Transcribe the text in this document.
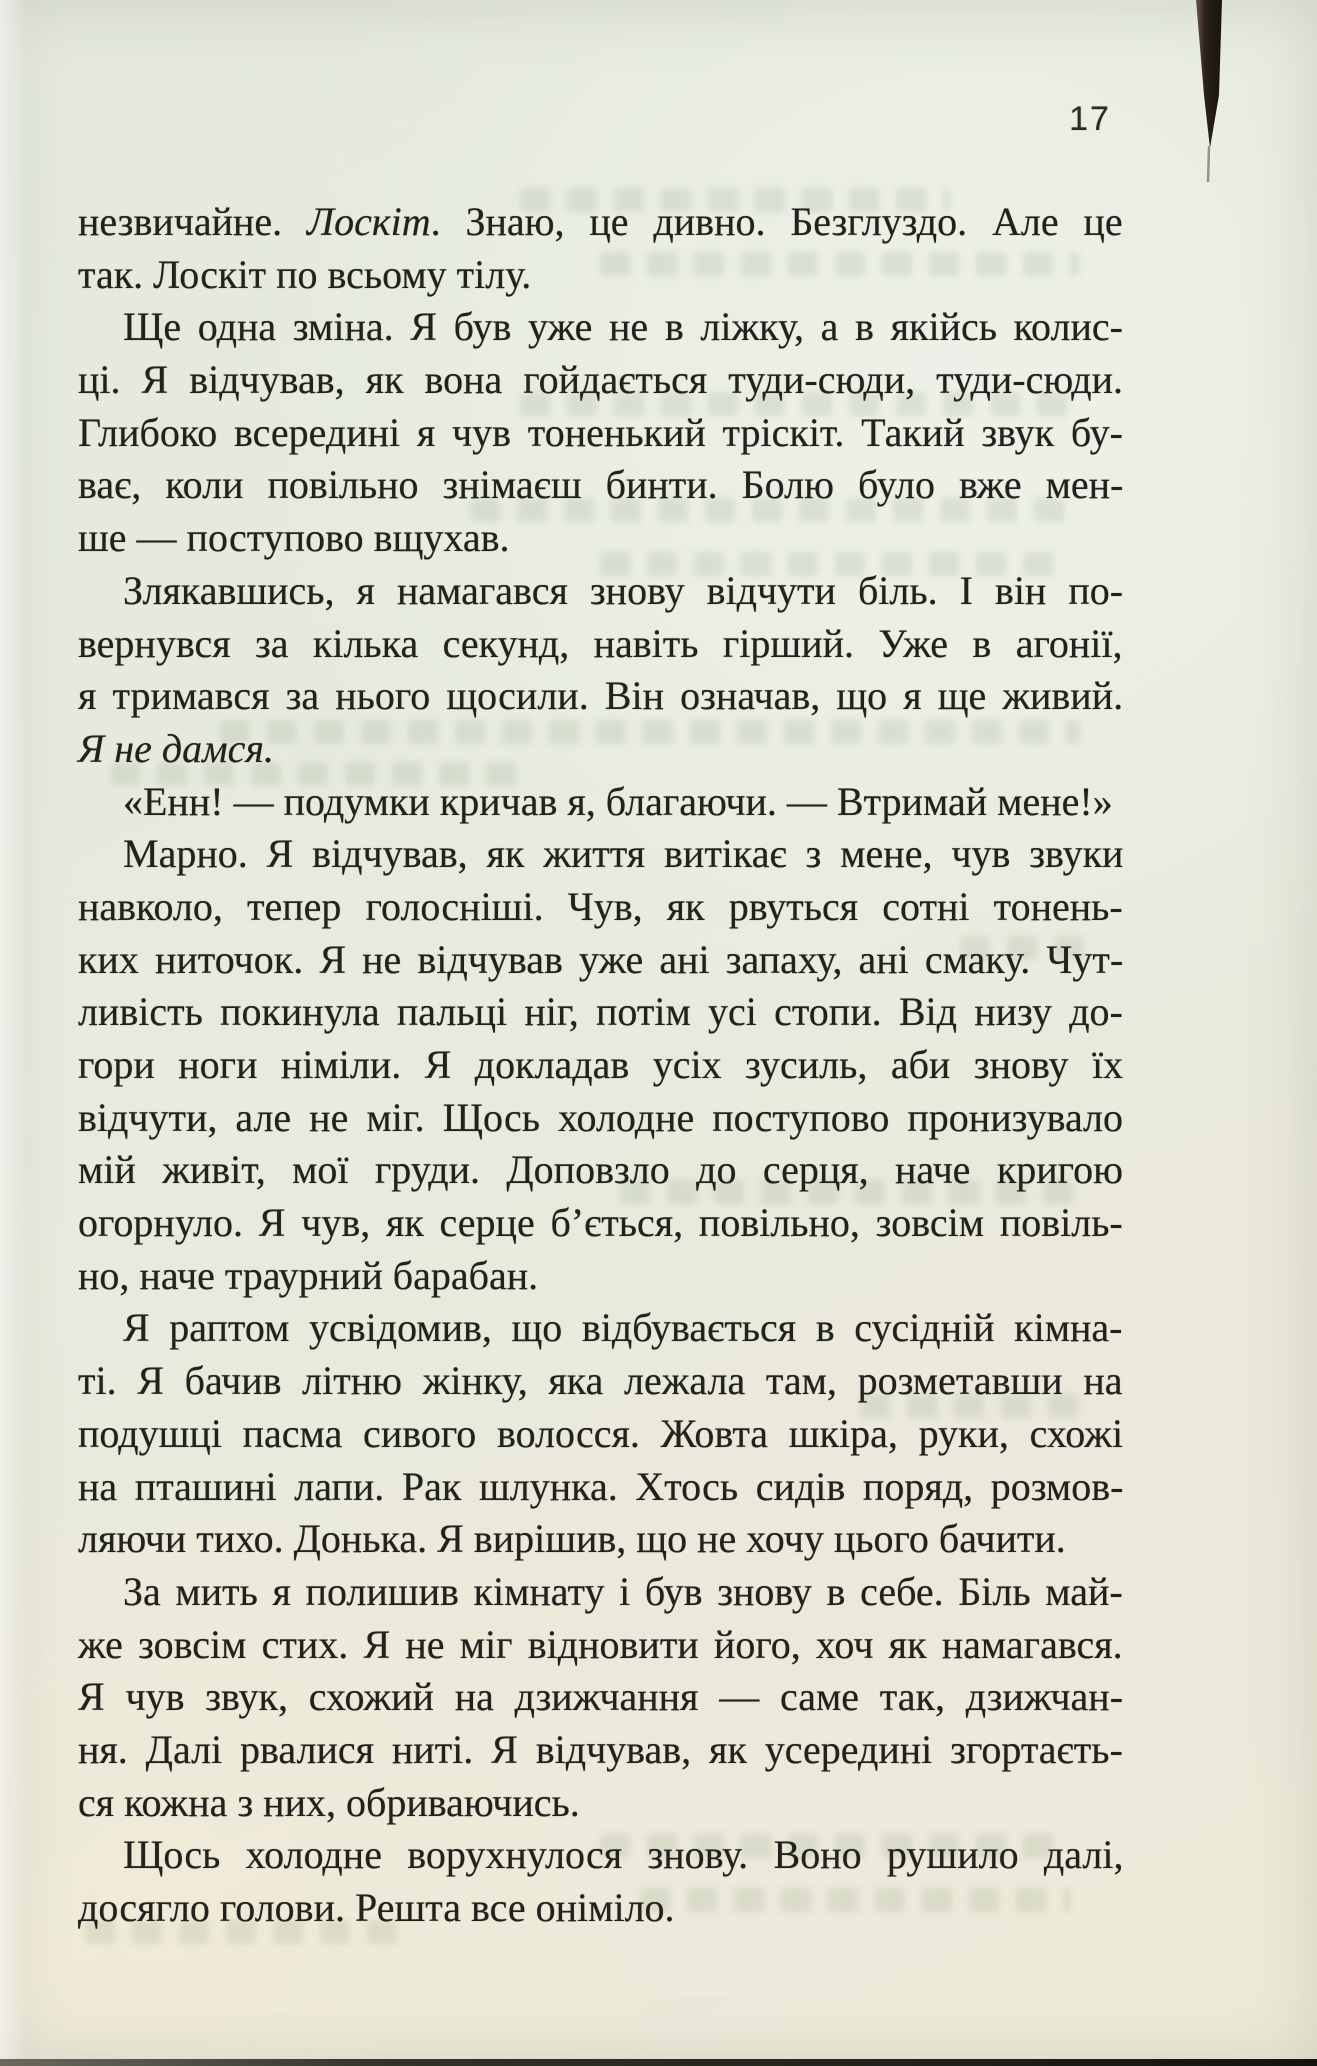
17
незвичайне. Лоскіт. Знаю, це дивно. Безглуздо. Але це
так. Лоскіт по всьому тілу.
Ще одна зміна. Я був уже не в ліжку, а в якійсь колис-
ці. Я відчував, як вона гойдається туди-сюди, туди-сюди.
Глибоко всередині я чув тоненький тріскіт. Такий звук бу-
ває, коли повільно знімаєш бинти. Болю було вже мен-
ше — поступово вщухав.
Злякавшись, я намагався знову відчути біль. І він по-
вернувся за кілька секунд, навіть гірший. Уже в агонії,
я тримався за нього щосили. Він означав, що я ще живий.
Я не дамся.
«Енн! — подумки кричав я, благаючи. — Втримай мене!»
Марно. Я відчував, як життя витікає з мене, чув звуки
навколо, тепер голосніші. Чув, як рвуться сотні тонень-
ких ниточок. Я не відчував уже ані запаху, ані смаку. Чут-
ливість покинула пальці ніг, потім усі стопи. Від низу до-
гори ноги німіли. Я докладав усіх зусиль, аби знову їх
відчути, але не міг. Щось холодне поступово пронизувало
мій живіт, мої груди. Доповзло до серця, наче кригою
огорнуло. Я чув, як серце б’ється, повільно, зовсім повіль-
но, наче траурний барабан.
Я раптом усвідомив, що відбувається в сусідній кімна-
ті. Я бачив літню жінку, яка лежала там, розметавши на
подушці пасма сивого волосся. Жовта шкіра, руки, схожі
на пташині лапи. Рак шлунка. Хтось сидів поряд, розмов-
ляючи тихо. Донька. Я вирішив, що не хочу цього бачити.
За мить я полишив кімнату і був знову в себе. Біль май-
же зовсім стих. Я не міг відновити його, хоч як намагався.
Я чув звук, схожий на дзижчання — саме так, дзижчан-
ня. Далі рвалися ниті. Я відчував, як усередині згортаєть-
ся кожна з них, обриваючись.
Щось холодне ворухнулося знову. Воно рушило далі,
досягло голови. Решта все оніміло.
